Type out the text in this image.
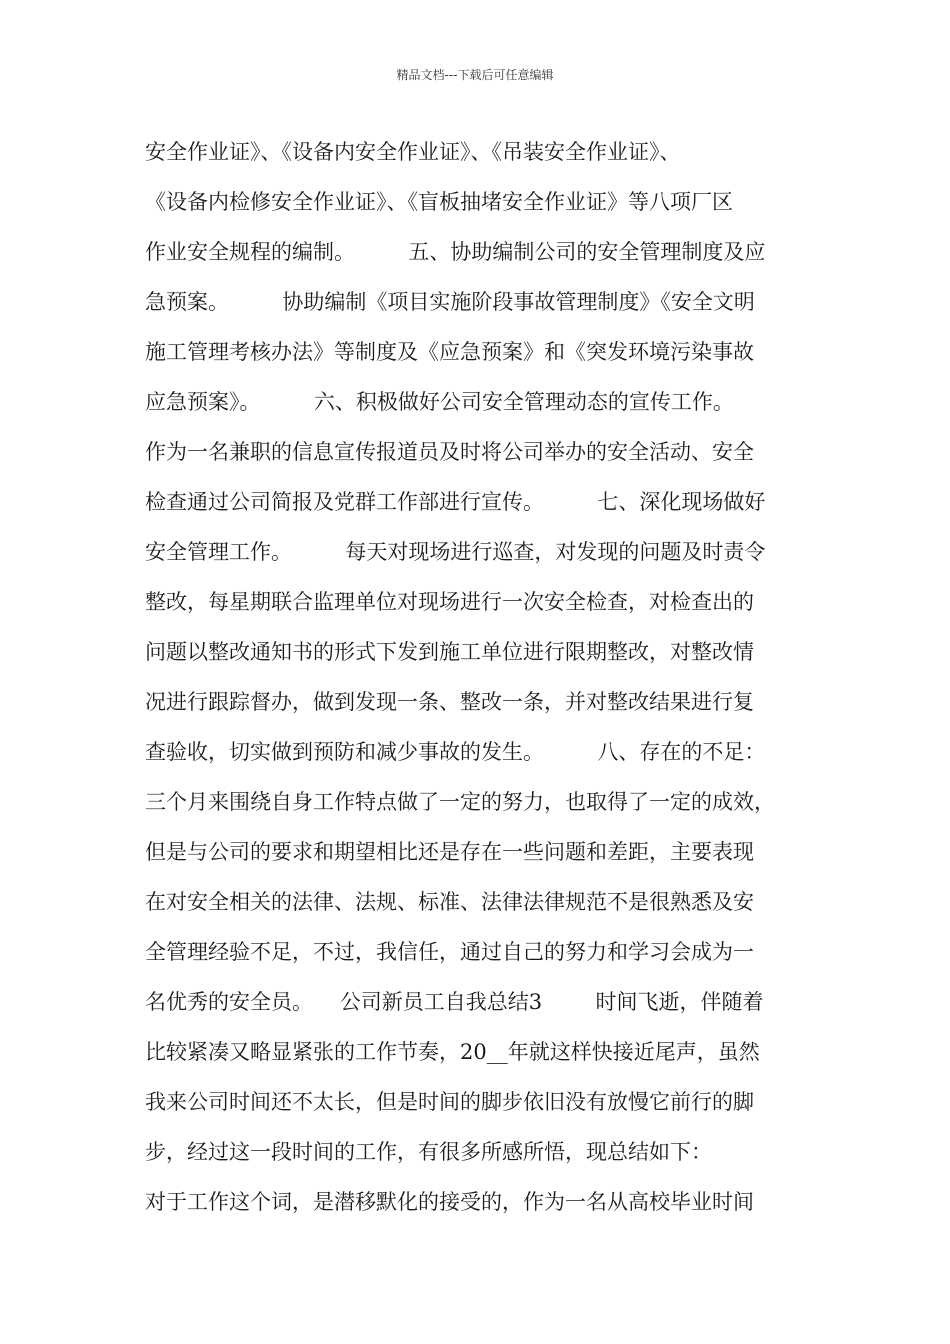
精品文档---下载后可任意编辑
安全作业证》、《设备内安全作业证》、《吊装安全作业证》、
《设备内检修安全作业证》、《盲板抽堵安全作业证》等八项厂区
作业安全规程的编制。        五、协助编制公司的安全管理制度及应
急预案。        协助编制《项目实施阶段事故管理制度》《安全文明
施工管理考核办法》等制度及《应急预案》和《突发环境污染事故
应急预案》。        六、积极做好公司安全管理动态的宣传工作。
作为一名兼职的信息宣传报道员及时将公司举办的安全活动、安全
检查通过公司简报及党群工作部进行宣传。        七、深化现场做好
安全管理工作。        每天对现场进行巡查，对发现的问题及时责令
整改，每星期联合监理单位对现场进行一次安全检查，对检查出的
问题以整改通知书的形式下发到施工单位进行限期整改，对整改情
况进行跟踪督办，做到发现一条、整改一条，并对整改结果进行复
查验收，切实做到预防和减少事故的发生。        八、存在的不足：
三个月来围绕自身工作特点做了一定的努力，也取得了一定的成效，
但是与公司的要求和期望相比还是存在一些问题和差距，主要表现
在对安全相关的法律、法规、标准、法律法律规范不是很熟悉及安
全管理经验不足，不过，我信任，通过自己的努力和学习会成为一
名优秀的安全员。    公司新员工自我总结3        时间飞逝，伴随着
比较紧凑又略显紧张的工作节奏，20__年就这样快接近尾声，虽然
我来公司时间还不太长，但是时间的脚步依旧没有放慢它前行的脚
步，经过这一段时间的工作，有很多所感所悟，现总结如下：
对于工作这个词，是潜移默化的接受的，作为一名从高校毕业时间
